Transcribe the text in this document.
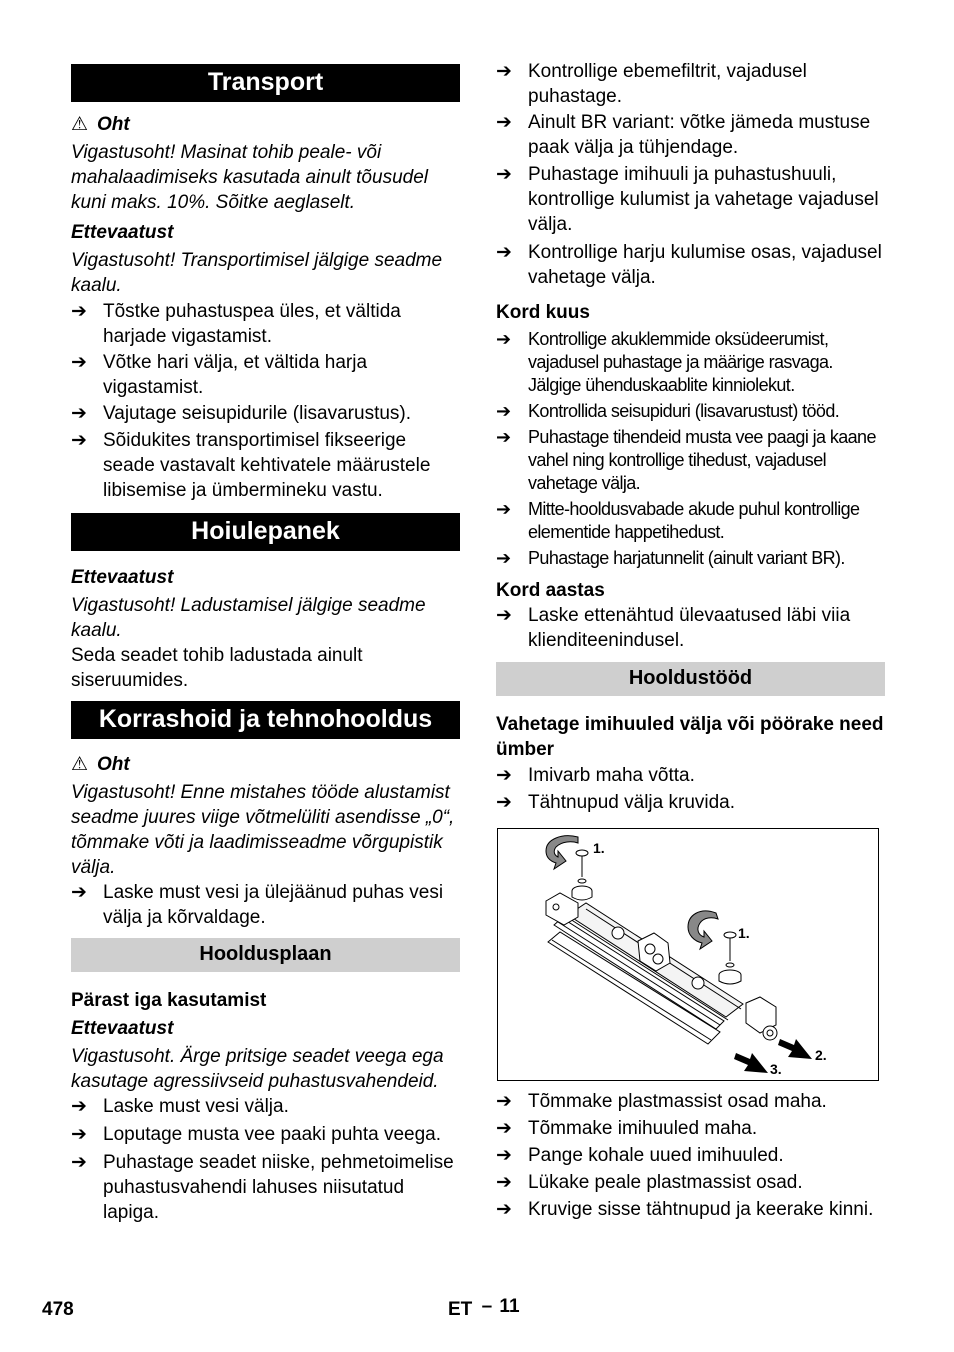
Transport
⚠ Oht
Vigastusoht! Masinat tohib peale- või mahalaadimiseks kasutada ainult tõusudel kuni maks. 10%. Sõitke aeglaselt.
Ettevaatust
Vigastusoht! Transportimisel jälgige seadme kaalu.
➔ Tõstke puhastuspea üles, et vältida harjade vigastamist.
➔ Võtke hari välja, et vältida harja vigastamist.
➔ Vajutage seisupidurile (lisavarustus).
➔ Sõidukites transportimisel fikseerige seade vastavalt kehtivatele määrustele libisemise ja ümbermineku vastu.
Hoiulepanek
Ettevaatust
Vigastusoht! Ladustamisel jälgige seadme kaalu.
Seda seadet tohib ladustada ainult siseruumides.
Korrashoid ja tehnohooldus
⚠ Oht
Vigastusoht! Enne mistahes tööde alustamist seadme juures viige võtmelüliti asendisse „0“, tõmmake võti ja laadimisseadme võrgupistik välja.
➔ Laske must vesi ja ülejäänud puhas vesi välja ja kõrvaldage.
Hooldusplaan
Pärast iga kasutamist
Ettevaatust
Vigastusoht. Ärge pritsige seadet veega ega kasutage agressiivseid puhastusvahendeid.
➔ Laske must vesi välja.
➔ Loputage musta vee paaki puhta veega.
➔ Puhastage seadet niiske, pehmetoimelise puhastusvahendi lahuses niisutatud lapiga.
➔ Kontrollige ebemefiltrit, vajadusel puhastage.
➔ Ainult BR variant: võtke jämeda mustuse paak välja ja tühjendage.
➔ Puhastage imihuuli ja puhastushuuli, kontrollige kulumist ja vahetage vajadusel välja.
➔ Kontrollige harju kulumise osas, vajadusel vahetage välja.
Kord kuus
➔ Kontrollige akuklemmide oksüdeerumist, vajadusel puhastage ja määrige rasvaga. Jälgige ühenduskaablite kinniolekut.
➔ Kontrollida seisupiduri (lisavarustust) tööd.
➔ Puhastage tihendeid musta vee paagi ja kaane vahel ning kontrollige tihedust, vajadusel vahetage välja.
➔ Mitte-hooldusvabade akude puhul kontrollige elementide happetihedust.
➔ Puhastage harjatunnelit (ainult variant BR).
Kord aastas
➔ Laske ettenähtud ülevaatused läbi viia klienditeenindusel.
Hooldustööd
Vahetage imihuuled välja või pöörake need ümber
➔ Imivarb maha võtta.
➔ Tähtnupud välja kruvida.
1.
1.
2.
3.
➔ Tõmmake plastmassist osad maha.
➔ Tõmmake imihuuled maha.
➔ Pange kohale uued imihuuled.
➔ Lükake peale plastmassist osad.
➔ Kruvige sisse tähtnupud ja keerake kinni.
478	ET – 11
